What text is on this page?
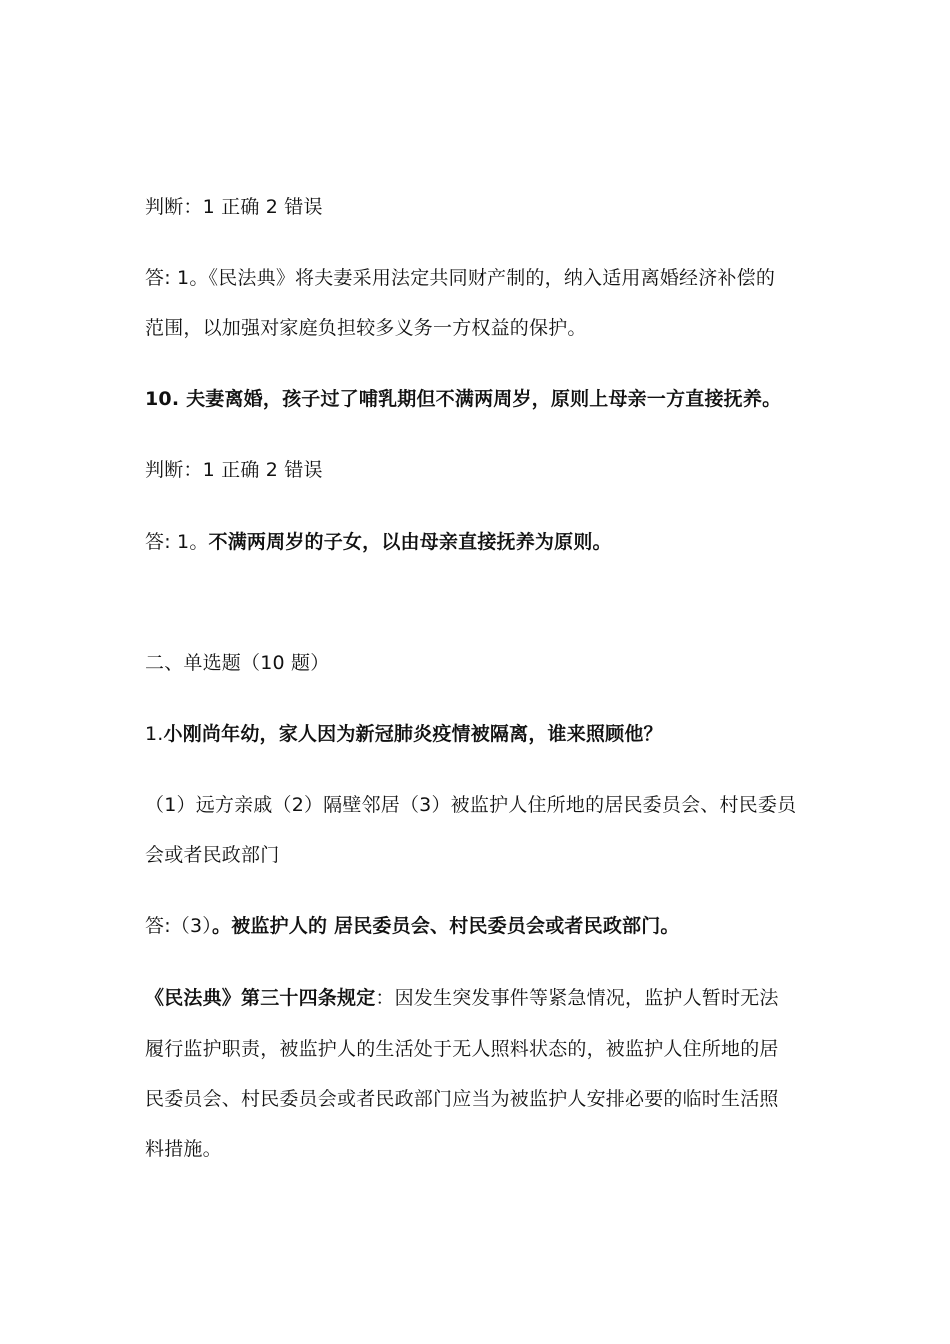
判断：1 正确 2 错误
答: 1。《民法典》将夫妻采用法定共同财产制的，纳入适用离婚经济补偿的
范围，以加强对家庭负担较多义务一方权益的保护。
10. 夫妻离婚，孩子过了哺乳期但不满两周岁，原则上母亲一方直接抚养。
判断：1 正确 2 错误
答: 1。不满两周岁的子女，以由母亲直接抚养为原则。
二、单选题（10 题）
1.小刚尚年幼，家人因为新冠肺炎疫情被隔离，谁来照顾他？
（1）远方亲戚（2）隔壁邻居（3）被监护人住所地的居民委员会、村民委员
会或者民政部门
答:（3）。被监护人的 居民委员会、村民委员会或者民政部门。
《民法典》第三十四条规定：因发生突发事件等紧急情况，监护人暂时无法
履行监护职责，被监护人的生活处于无人照料状态的，被监护人住所地的居
民委员会、村民委员会或者民政部门应当为被监护人安排必要的临时生活照
料措施。
